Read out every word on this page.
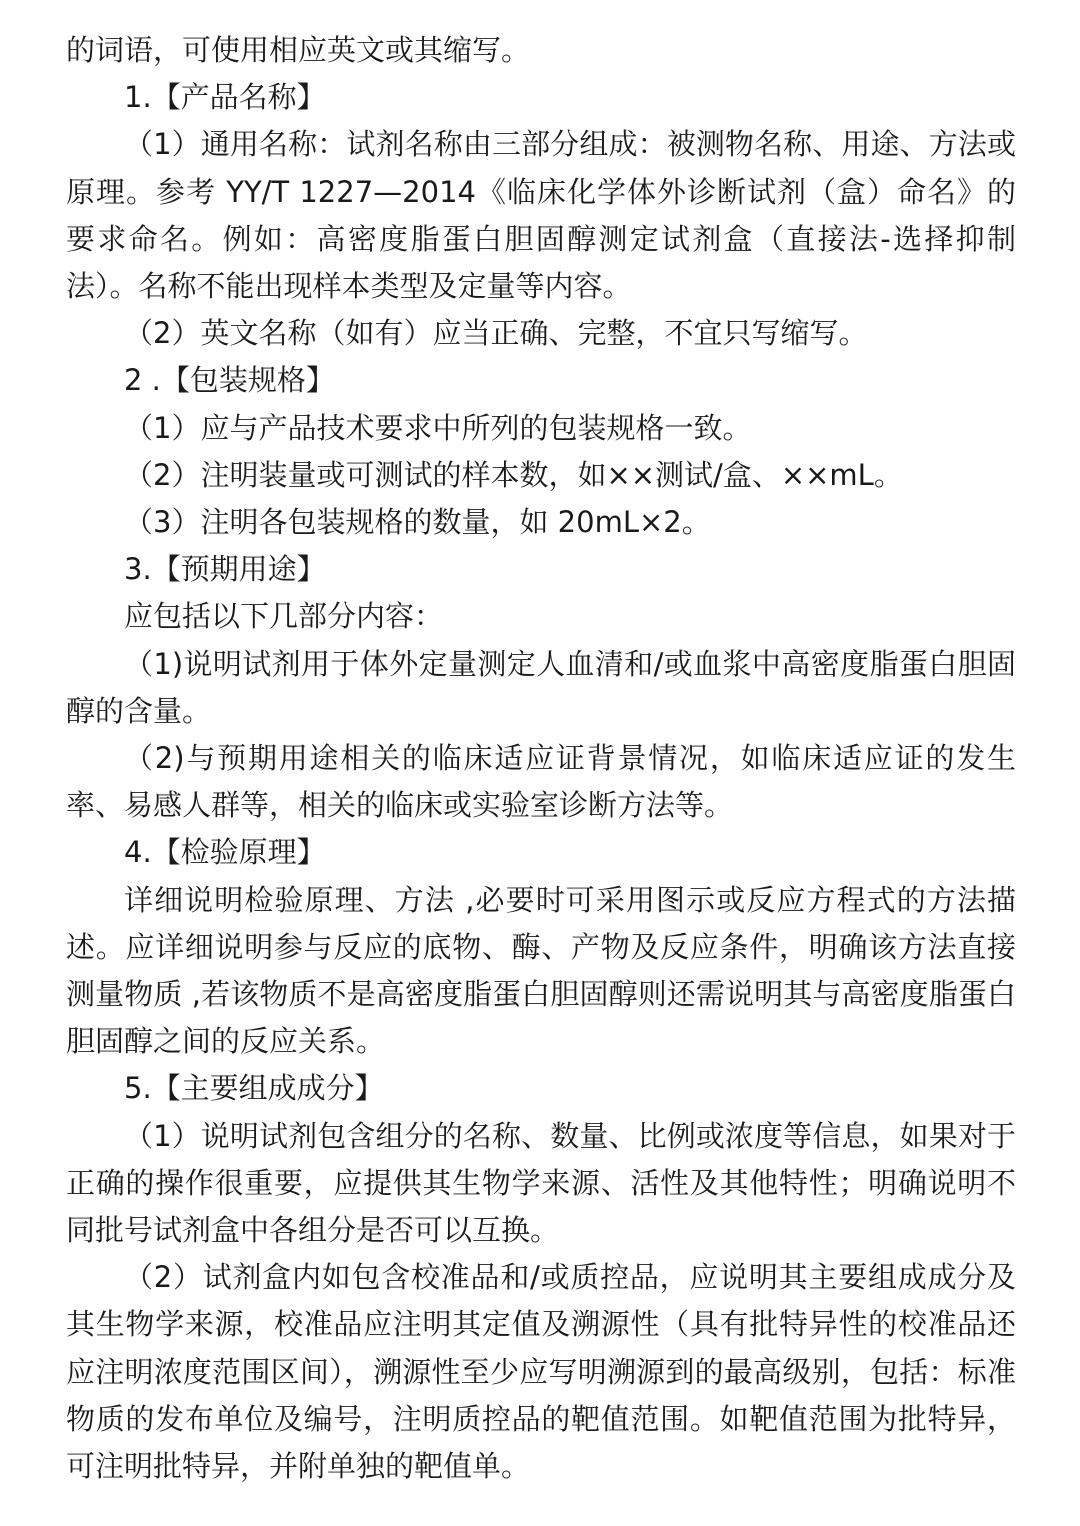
的词语，可使用相应英文或其缩写。

1.【产品名称】

（1）通用名称：试剂名称由三部分组成：被测物名称、用途、方法或原理。参考 YY/T 1227—2014《临床化学体外诊断试剂（盒）命名》的要求命名。例如：高密度脂蛋白胆固醇测定试剂盒（直接法-选择抑制法）。名称不能出现样本类型及定量等内容。

（2）英文名称（如有）应当正确、完整，不宜只写缩写。

2 .【包装规格】

（1）应与产品技术要求中所列的包装规格一致。

（2）注明装量或可测试的样本数，如××测试/盒、××mL。

（3）注明各包装规格的数量，如 20mL×2。

3.【预期用途】

应包括以下几部分内容：

（1)说明试剂用于体外定量测定人血清和/或血浆中高密度脂蛋白胆固醇的含量。

（2)与预期用途相关的临床适应证背景情况，如临床适应证的发生率、易感人群等，相关的临床或实验室诊断方法等。

4.【检验原理】

详细说明检验原理、方法 ,必要时可采用图示或反应方程式的方法描述。应详细说明参与反应的底物、酶、产物及反应条件，明确该方法直接测量物质 ,若该物质不是高密度脂蛋白胆固醇则还需说明其与高密度脂蛋白胆固醇之间的反应关系。

5.【主要组成成分】

（1）说明试剂包含组分的名称、数量、比例或浓度等信息，如果对于正确的操作很重要，应提供其生物学来源、活性及其他特性；明确说明不同批号试剂盒中各组分是否可以互换。

（2）试剂盒内如包含校准品和/或质控品，应说明其主要组成成分及其生物学来源，校准品应注明其定值及溯源性（具有批特异性的校准品还应注明浓度范围区间），溯源性至少应写明溯源到的最高级别，包括：标准物质的发布单位及编号，注明质控品的靶值范围。如靶值范围为批特异，可注明批特异，并附单独的靶值单。
